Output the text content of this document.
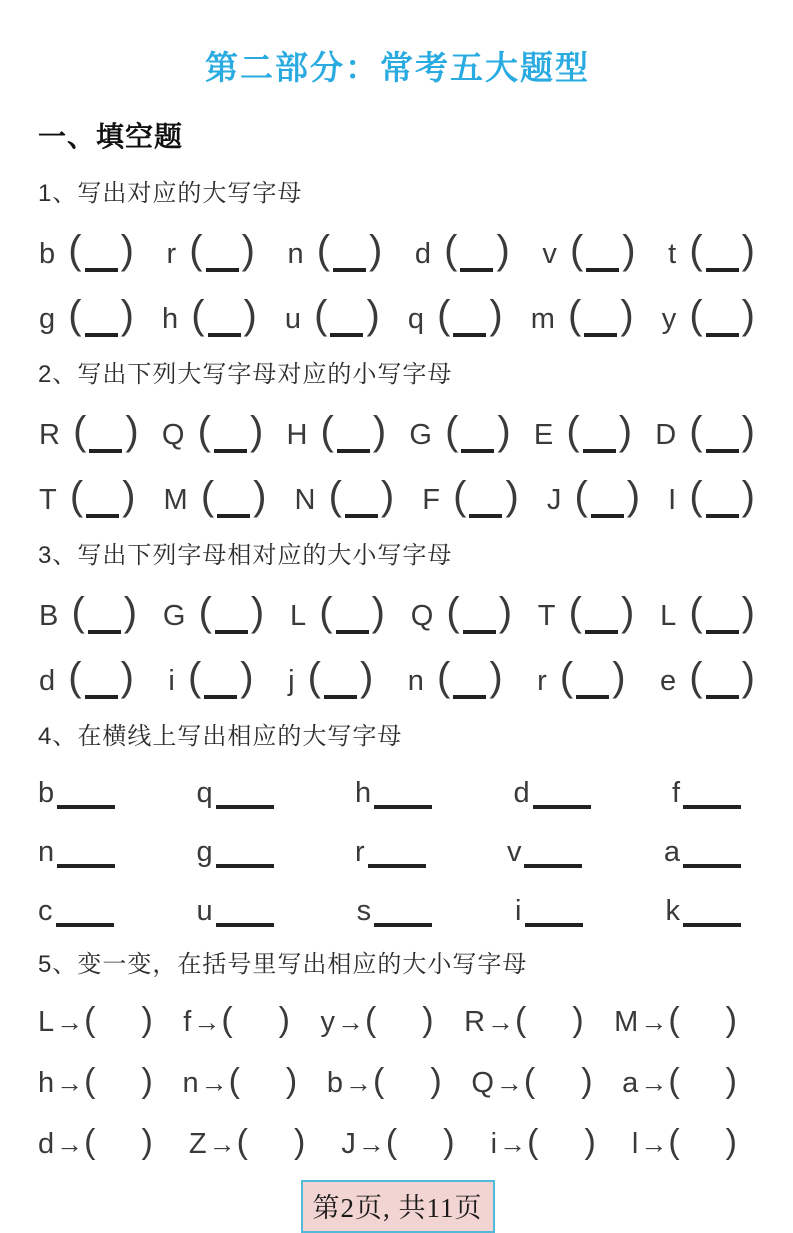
第二部分：常考五大题型
一、填空题
1、写出对应的大写字母
b ( ) r ( ) n ( ) d ( ) v ( ) t ( )
g ( ) h ( ) u ( ) q ( ) m ( ) y ( )
2、写出下列大写字母对应的小写字母
R ( ) Q ( ) H ( ) G ( ) E ( ) D ( )
T ( ) M ( ) N ( ) F ( ) J ( ) I ( )
3、写出下列字母相对应的大小写字母
B ( ) G ( ) L ( ) Q ( ) T ( ) L ( )
d ( ) i ( ) j ( ) n ( ) r ( ) e ( )
4、在横线上写出相应的大写字母
b	q	h	d	f
n	g	r	v	a
c	u	s	i	k
5、变一变，在括号里写出相应的大小写字母
L→( ) f→( ) y→( ) R→( ) M→( )
h→( ) n→( ) b→( ) Q→( ) a→( )
d→( ) Z→( ) J→( ) i→( ) l→( )
第2页, 共11页
